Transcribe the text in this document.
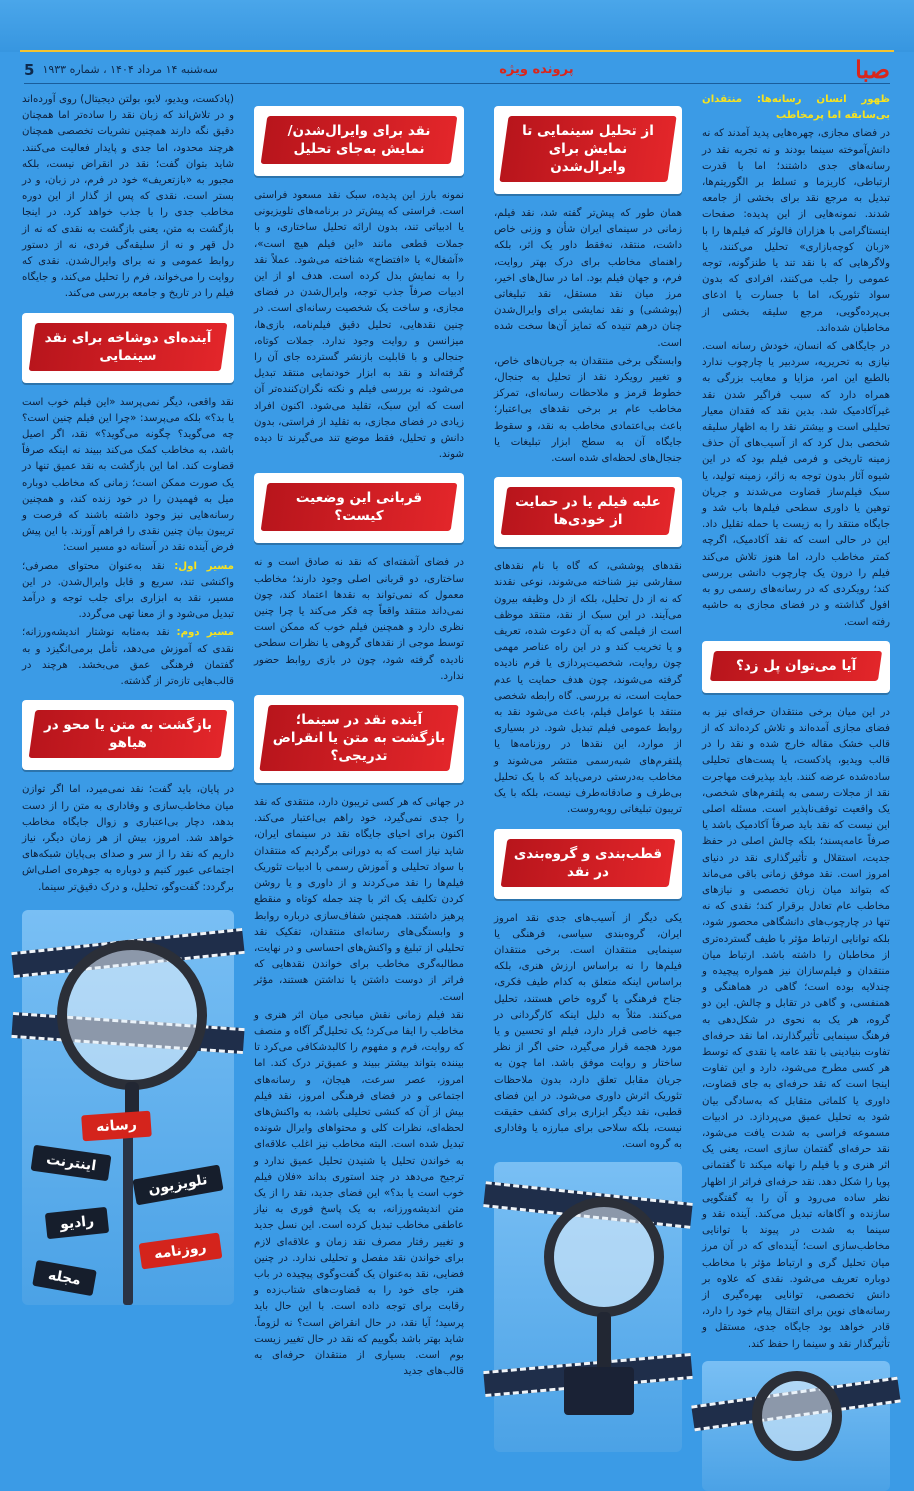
صبا
پرونده ویژه
سه‌شنبه ۱۴ مرداد ۱۴۰۴ ، شماره ۱۹۳۳
5

ظهور انسان رسانه‌ها: منتقدان بی‌سابقه اما پرمخاطب

در فضای مجازی، چهره‌هایی پدید آمدند که نه دانش‌آموخته سینما بودند و نه تجربه نقد در رسانه‌های جدی داشتند؛ اما با قدرت ارتباطی، کاریزما و تسلط بر الگوریتم‌ها، تبدیل به مرجع نقد برای بخشی از جامعه شدند. نمونه‌هایی از این پدیده: صفحات اینستاگرامی با هزاران فالوئر که فیلم‌ها را با «زبان کوچه‌بازاری» تحلیل می‌کنند، یا ولاگرهایی که با نقد تند یا طنزگونه، توجه عمومی را جلب می‌کنند، افرادی که بدون سواد تئوریک، اما با جسارت یا ادعای بی‌پرده‌گویی، مرجع سلیقه بخشی از مخاطبان شده‌اند.

در جایگاهی که انسان، خودش رسانه است. نیازی به تحریریه، سردبیر یا چارچوب ندارد بالطبع این امر، مزایا و معایب بزرگی به همراه دارد که سبب فراگیر شدن نقد غیرآکادمیک شد. بدین نقد که فقدان معیار تحلیلی است و بیشتر نقد را به اظهار سلیقه شخصی بدل کرد که از آسیب‌های آن حذف زمینه تاریخی و فرمی فیلم بود که در این شیوه آثار بدون توجه به زائر، زمینه تولید، یا سبک فیلم‌ساز قضاوت می‌شدند و جریان توهین یا داوری سطحی فیلم‌ها باب شد و جایگاه منتقد را به زیست یا حمله تقلیل داد. این در حالی است که نقد آکادمیک، اگرچه کمتر مخاطب دارد، اما هنوز تلاش می‌کند فیلم را درون یک چارچوب دانشی بررسی کند؛ رویکردی که در رسانه‌های رسمی رو به افول گذاشته و در فضای مجازی به حاشیه رفته است.

آیا می‌توان پل زد؟

در این میان برخی منتقدان حرفه‌ای نیز به فضای مجازی آمده‌اند و تلاش کرده‌اند که از قالب خشک مقاله خارج شده و نقد را در قالب ویدیو، پادکست، یا پست‌های تحلیلی ساده‌شده عرضه کنند. باید بپذیرفت مهاجرت نقد از مجلات رسمی به پلتفرم‌های شخصی، یک واقعیت توقف‌ناپذیر است. مسئله اصلی این نیست که نقد باید صرفاً آکادمیک باشد یا صرفاً عامه‌پسند؛ بلکه چالش اصلی در حفظ جدیت، استقلال و تأثیرگذاری نقد در دنیای امروز است. نقد موفق زمانی باقی می‌ماند که بتواند میان زبان تخصصی و نیازهای مخاطب عام تعادل برقرار کند؛ نقدی که نه تنها در چارچوب‌های دانشگاهی محصور شود، بلکه توانایی ارتباط مؤثر با طیف گسترده‌تری از مخاطبان را داشته باشد. ارتباط میان منتقدان و فیلم‌سازان نیز همواره پیچیده و چندلایه بوده است؛ گاهی در هماهنگی و همنفسی، و گاهی در تقابل و چالش. این دو گروه، هر یک به نحوی در شکل‌دهی به فرهنگ سینمایی تأثیرگذارند، اما نقد حرفه‌ای تفاوت بنیادینی با نقد عامه یا نقدی که توسط هر کسی مطرح می‌شود، دارد و این تفاوت اینجا است که نقد حرفه‌ای به جای قضاوت، داوری یا کلماتی متقابل که به‌سادگی بیان شود به تحلیل عمیق می‌پردازد. در ادبیات مسموعه فراسی به شدت یافت می‌شود، نقد حرفه‌ای گفتمان سازی است، یعنی یک اثر هنری و یا فیلم را نهانه میکند تا گفتمانی پویا را شکل دهد. نقد حرفه‌ای فراتر از اظهار نظر ساده می‌رود و آن را به گفتگویی سازنده و آگاهانه تبدیل می‌کند. آینده نقد و سینما به شدت در پیوند با توانایی مخاطب‌سازی است؛ آینده‌ای که در آن مرز میان تحلیل گری و ارتباط مؤثر با مخاطب دوباره تعریف می‌شود. نقدی که علاوه بر دانش تخصصی، توانایی بهره‌گیری از رسانه‌های نوین برای انتقال پیام خود را دارد، قادر خواهد بود جایگاه جدی، مستقل و تأثیرگذار نقد و سینما را حفظ کند.

از تحلیل سینمایی تا نمایش برای وایرال‌شدن

همان طور که پیش‌تر گفته شد، نقد فیلم، زمانی در سینمای ایران شأن و وزنی خاص داشت، منتقد، نه‌فقط داور یک اثر، بلکه راهنمای مخاطب برای درک بهتر روایت، فرم، و جهان فیلم بود. اما در سال‌های اخیر، مرز میان نقد مستقل، نقد تبلیغاتی (پوششی) و نقد نمایشی برای وایرال‌شدن چنان درهم تنیده که تمایز آن‌ها سخت شده است.

وابستگی برخی منتقدان به جریان‌های خاص، و تغییر رویکرد نقد از تحلیل به جنجال، خطوط قرمز و ملاحظات رسانه‌ای، تمرکز مخاطب عام بر برخی نقدهای بی‌اعتبار؛ باعث بی‌اعتمادی مخاطب به نقد، و سقوط جایگاه آن به سطح ابزار تبلیغات یا جنجال‌های لحظه‌ای شده است.

علیه فیلم یا در حمایت از خودی‌ها

نقدهای پوششی، که گاه با نام نقدهای سفارشی نیز شناخته می‌شوند، نوعی نقدند که نه از دل تحلیل، بلکه از دل وظیفه بیرون می‌آیند. در این سبک از نقد، منتقد موظف است از فیلمی که به آن دعوت شده، تعریف و یا تخریب کند و در این راه عناصر مهمی چون روایت، شخصیت‌پردازی یا فرم نادیده گرفته می‌شوند، چون هدف حمایت یا عدم حمایت است، نه بررسی. گاه رابطه شخصی منتقد با عوامل فیلم، باعث می‌شود نقد به روابط عمومی فیلم تبدیل شود. در بسیاری از موارد، این نقدها در روزنامه‌ها یا پلتفرم‌های شبه‌رسمی منتشر می‌شوند و مخاطب به‌درستی درمی‌یابد که با یک تحلیل بی‌طرف و صادقانه‌طرف نیست، بلکه با یک تریبون تبلیغاتی روبه‌روست.

قطب‌بندی و گروه‌بندی در نقد

یکی دیگر از آسیب‌های جدی نقد امروز ایران، گروه‌بندی سیاسی، فرهنگی یا سینمایی منتقدان است. برخی منتقدان فیلم‌ها را نه براساس ارزش هنری، بلکه براساس اینکه متعلق به کدام طیف فکری، جناح فرهنگی یا گروه خاص هستند، تحلیل می‌کنند. مثلاً به دلیل اینکه کارگردانی در جبهه خاصی قرار دارد، فیلم او تحسین و یا مورد هجمه قرار می‌گیرد، حتی اگر از نظر ساختار و روایت موفق باشد. اما چون به جریان مقابل تعلق دارد، بدون ملاحظات تئوریک اثرش داوری می‌شود. در این فضای قطبی، نقد دیگر ابزاری برای کشف حقیقت نیست، بلکه سلاحی برای مبارزه یا وفاداری به گروه است.

نقد برای وایرال‌شدن/ نمایش به‌جای تحلیل

نمونه بارز این پدیده، سبک نقد مسعود فراستی است. فراستی که پیش‌تر در برنامه‌های تلویزیونی یا ادبیاتی تند، بدون ارائه تحلیل ساختاری، و با جملات قطعی مانند «این فیلم هیچ است»، «آشغال» یا «افتضاح» شناخته می‌شود. عملاً نقد را به نمایش بدل کرده است. هدف او از این ادبیات صرفاً جذب توجه، وایرال‌شدن در فضای مجازی، و ساخت یک شخصیت رسانه‌ای است. در چنین نقدهایی، تحلیل دقیق فیلم‌نامه، بازی‌ها، میزانسن و روایت وجود ندارد. جملات کوتاه، جنجالی و با قابلیت بازنشر گسترده جای آن را گرفته‌اند و نقد به ابزار خودنمایی منتقد تبدیل می‌شود. نه بررسی فیلم و نکته نگران‌کننده‌تر آن است که این سبک، تقلید می‌شود. اکنون افراد زیادی در فضای مجازی، به تقلید از فراستی، بدون دانش و تحلیل، فقط موضع تند می‌گیرند تا دیده شوند.

قربانی این وضعیت کیست؟

در فضای آشفته‌ای که نقد نه صادق است و نه ساختاری، دو قربانی اصلی وجود دارند؛ مخاطب معمول که نمی‌تواند به نقدها اعتماد کند، چون نمی‌داند منتقد واقعاً چه فکر می‌کند یا چرا چنین نظری دارد و همچنین فیلم خوب که ممکن است توسط موجی از نقدهای گروهی یا نظرات سطحی نادیده گرفته شود، چون در بازی روابط حضور ندارد.

آینده نقد در سینما؛ بازگشت به متن یا انقراض تدریجی؟

در جهانی که هر کسی تریبون دارد، منتقدی که نقد را جدی نمی‌گیرد، خود راهم بی‌اعتبار می‌کند. اکنون برای احیای جایگاه نقد در سینمای ایران، شاید نیاز است که به دورانی برگردیم که منتقدان با سواد تحلیلی و آموزش رسمی با ادبیات تئوریک فیلم‌ها را نقد می‌کردند و از داوری و یا روشن کردن تکلیف یک اثر با چند جمله کوتاه و منقطع پرهیز داشتند. همچنین شفاف‌سازی درباره روابط و وابستگی‌های رسانه‌ای منتقدان، تفکیک نقد تحلیلی از تبلیغ و واکنش‌های احساسی و در نهایت، مطالبه‌گری مخاطب برای خواندن نقدهایی که فراتر از دوست داشتن یا نداشتن هستند، مؤثر است.

نقد فیلم زمانی نقش میانجی میان اثر هنری و مخاطب را ایفا می‌کرد؛ یک تحلیل‌گر آگاه و منصف که روایت، فرم و مفهوم را کالبدشکافی می‌کرد تا بیننده بتواند بیشتر ببیند و عمیق‌تر درک کند. اما امروز، عصر سرعت، هیجان، و رسانه‌های اجتماعی و در فضای فرهنگی امروز، نقد فیلم بیش از آن که کنشی تحلیلی باشد، به واکنش‌های لحظه‌ای، نظرات کلی و محتواهای وایرال شونده تبدیل شده است. البته مخاطب نیز اغلب علاقه‌ای به خواندن تحلیل یا شنیدن تحلیل عمیق ندارد و ترجیح می‌دهد در چند استوری بداند «فلان فیلم خوب است یا بد؟» این فضای جدید، نقد را از یک متن اندیشه‌ورزانه، به یک پاسخ فوری به نیاز عاطفی مخاطب تبدیل کرده است. این نسل جدید و تغییر رفتار مصرف نقد زمان و علاقه‌ای لازم برای خواندن نقد مفصل و تحلیلی ندارد. در چنین فضایی، نقد به‌عنوان یک گفت‌وگوی پیچیده در باب هنر، جای خود را به قضاوت‌های شتاب‌زده و رقابت برای توجه داده است. با این حال باید پرسید؛ آیا نقد، در حال انقراض است؟ نه لزوماً. شاید بهتر باشد بگوییم که نقد در حال تغییر زیست بوم است. بسیاری از منتقدان حرفه‌ای به قالب‌های جدید

(پادکست، ویدیو، لایو، بولتن دیجیتال) روی آورده‌اند و در تلاش‌اند که زبان نقد را ساده‌تر اما همچنان دقیق نگه دارند همچنین نشریات تخصصی همچنان هرچند محدود، اما جدی و پایدار فعالیت می‌کنند. شاید بتوان گفت؛ نقد در انقراض نیست، بلکه مجبور به «بازتعریف» خود در فرم، در زبان، و در بستر است. نقدی که پس از گذار از این دوره مخاطب جدی را با جذب خواهد کرد. در اینجا بازگشت به متن، یعنی بازگشت به نقدی که نه از دل قهر و نه از سلیقه‌گی فردی، نه از دستور روابط عمومی و نه برای وایرال‌شدن. نقدی که روایت را می‌خواند، فرم را تحلیل می‌کند، و جایگاه فیلم را در تاریخ و جامعه بررسی می‌کند.

آینده‌ای دوشاخه برای نقد سینمایی

نقد واقعی، دیگر نمی‌پرسد «این فیلم خوب است یا بد؟» بلکه می‌پرسد: «چرا این فیلم چنین است؟ چه می‌گوید؟ چگونه می‌گوید؟» نقد، اگر اصیل باشد، به مخاطب کمک می‌کند ببیند نه اینکه صرفاً قضاوت کند. اما این بازگشت به نقد عمیق تنها در یک صورت ممکن است؛ زمانی که مخاطب دوباره میل به فهمیدن را در خود زنده کند، و همچنین رسانه‌هایی نیز وجود داشته باشند که فرصت و تریبون بیان چنین نقدی را فراهم آورند. با این پیش فرض آینده نقد در آستانه دو مسیر است:

مسیر اول: نقد به‌عنوان محتوای مصرفی؛ واکنشی تند، سریع و قابل وایرال‌شدن. در این مسیر، نقد به ابزاری برای جلب توجه و درآمد تبدیل می‌شود و از معنا تهی می‌گردد.

مسیر دوم: نقد به‌مثابه نوشتار اندیشه‌ورزانه؛ نقدی که آموزش می‌دهد، تأمل برمی‌انگیزد و به گفتمان فرهنگی عمق می‌بخشد. هرچند در قالب‌هایی تازه‌تر از گذشته.

بازگشت به متن یا محو در هیاهو

در پایان، باید گفت؛ نقد نمی‌میرد، اما اگر توازن میان مخاطب‌سازی و وفاداری به متن را از دست بدهد، دچار بی‌اعتباری و زوال جایگاه مخاطب خواهد شد. امروز، بیش از هر زمان دیگر، نیاز داریم که نقد را از سر و صدای بی‌پایان شبکه‌های اجتماعی عبور کنیم و دوباره به جوهره‌ی اصلی‌اش برگردد: گفت‌وگو، تحلیل، و درک دقیق‌تر سینما.

رسانه
اینترنت
تلویزیون
رادیو
روزنامه
مجله
